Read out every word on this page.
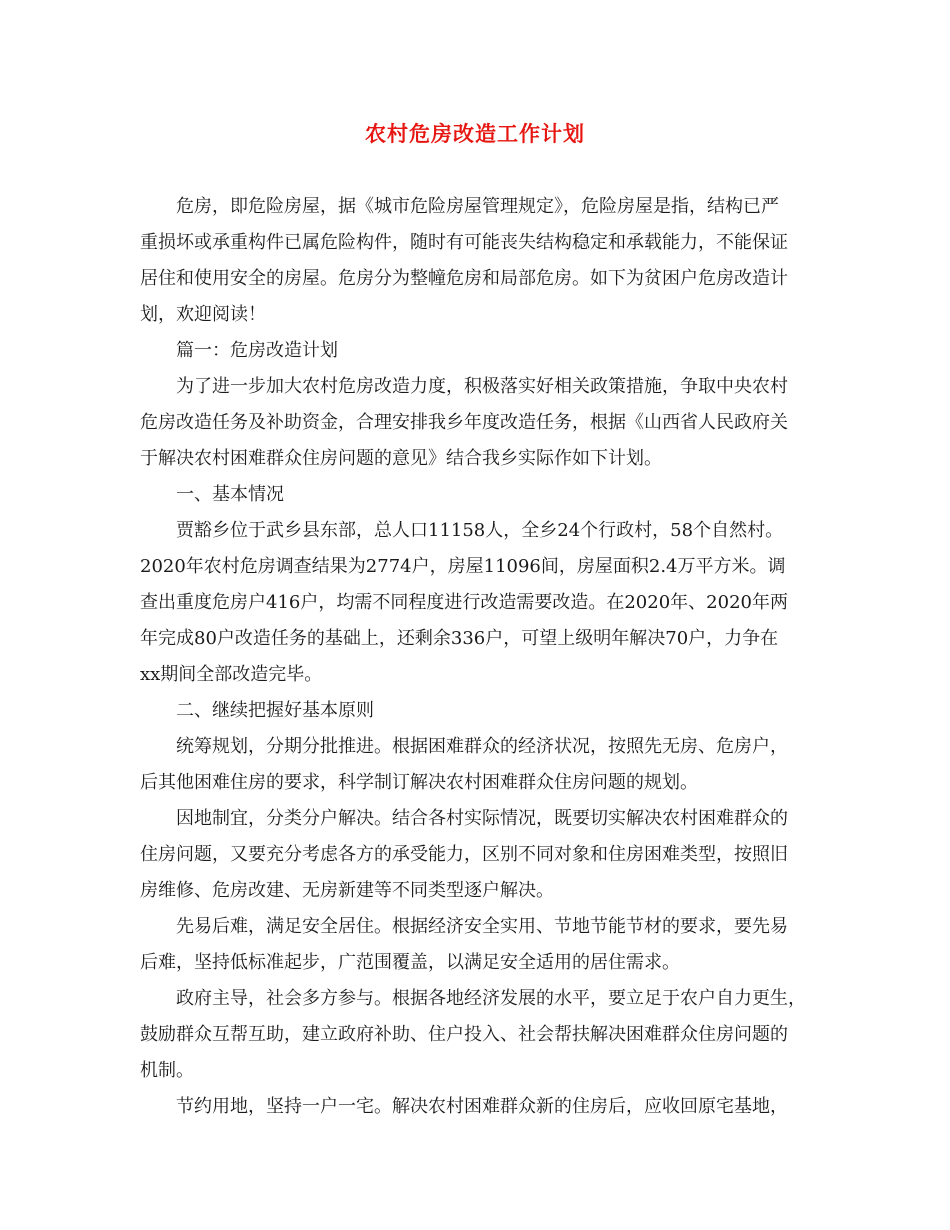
农村危房改造工作计划
危房，即危险房屋，据《城市危险房屋管理规定》，危险房屋是指，结构已严
重损坏或承重构件已属危险构件，随时有可能丧失结构稳定和承载能力，不能保证
居住和使用安全的房屋。危房分为整幢危房和局部危房。如下为贫困户危房改造计
划，欢迎阅读！
篇一：危房改造计划
为了进一步加大农村危房改造力度，积极落实好相关政策措施，争取中央农村
危房改造任务及补助资金，合理安排我乡年度改造任务，根据《山西省人民政府关
于解决农村困难群众住房问题的意见》结合我乡实际作如下计划。
一、基本情况
贾豁乡位于武乡县东部，总人口11158人，全乡24个行政村，58个自然村。
2020年农村危房调查结果为2774户，房屋11096间，房屋面积2.4万平方米。调
查出重度危房户416户，均需不同程度进行改造需要改造。在2020年、2020年两
年完成80户改造任务的基础上，还剩余336户，可望上级明年解决70户，力争在
xx期间全部改造完毕。
二、继续把握好基本原则
统筹规划，分期分批推进。根据困难群众的经济状况，按照先无房、危房户，
后其他困难住房的要求，科学制订解决农村困难群众住房问题的规划。
因地制宜，分类分户解决。结合各村实际情况，既要切实解决农村困难群众的
住房问题，又要充分考虑各方的承受能力，区别不同对象和住房困难类型，按照旧
房维修、危房改建、无房新建等不同类型逐户解决。
先易后难，满足安全居住。根据经济安全实用、节地节能节材的要求，要先易
后难，坚持低标准起步，广范围覆盖，以满足安全适用的居住需求。
政府主导，社会多方参与。根据各地经济发展的水平，要立足于农户自力更生，
鼓励群众互帮互助，建立政府补助、住户投入、社会帮扶解决困难群众住房问题的
机制。
节约用地，坚持一户一宅。解决农村困难群众新的住房后，应收回原宅基地，
